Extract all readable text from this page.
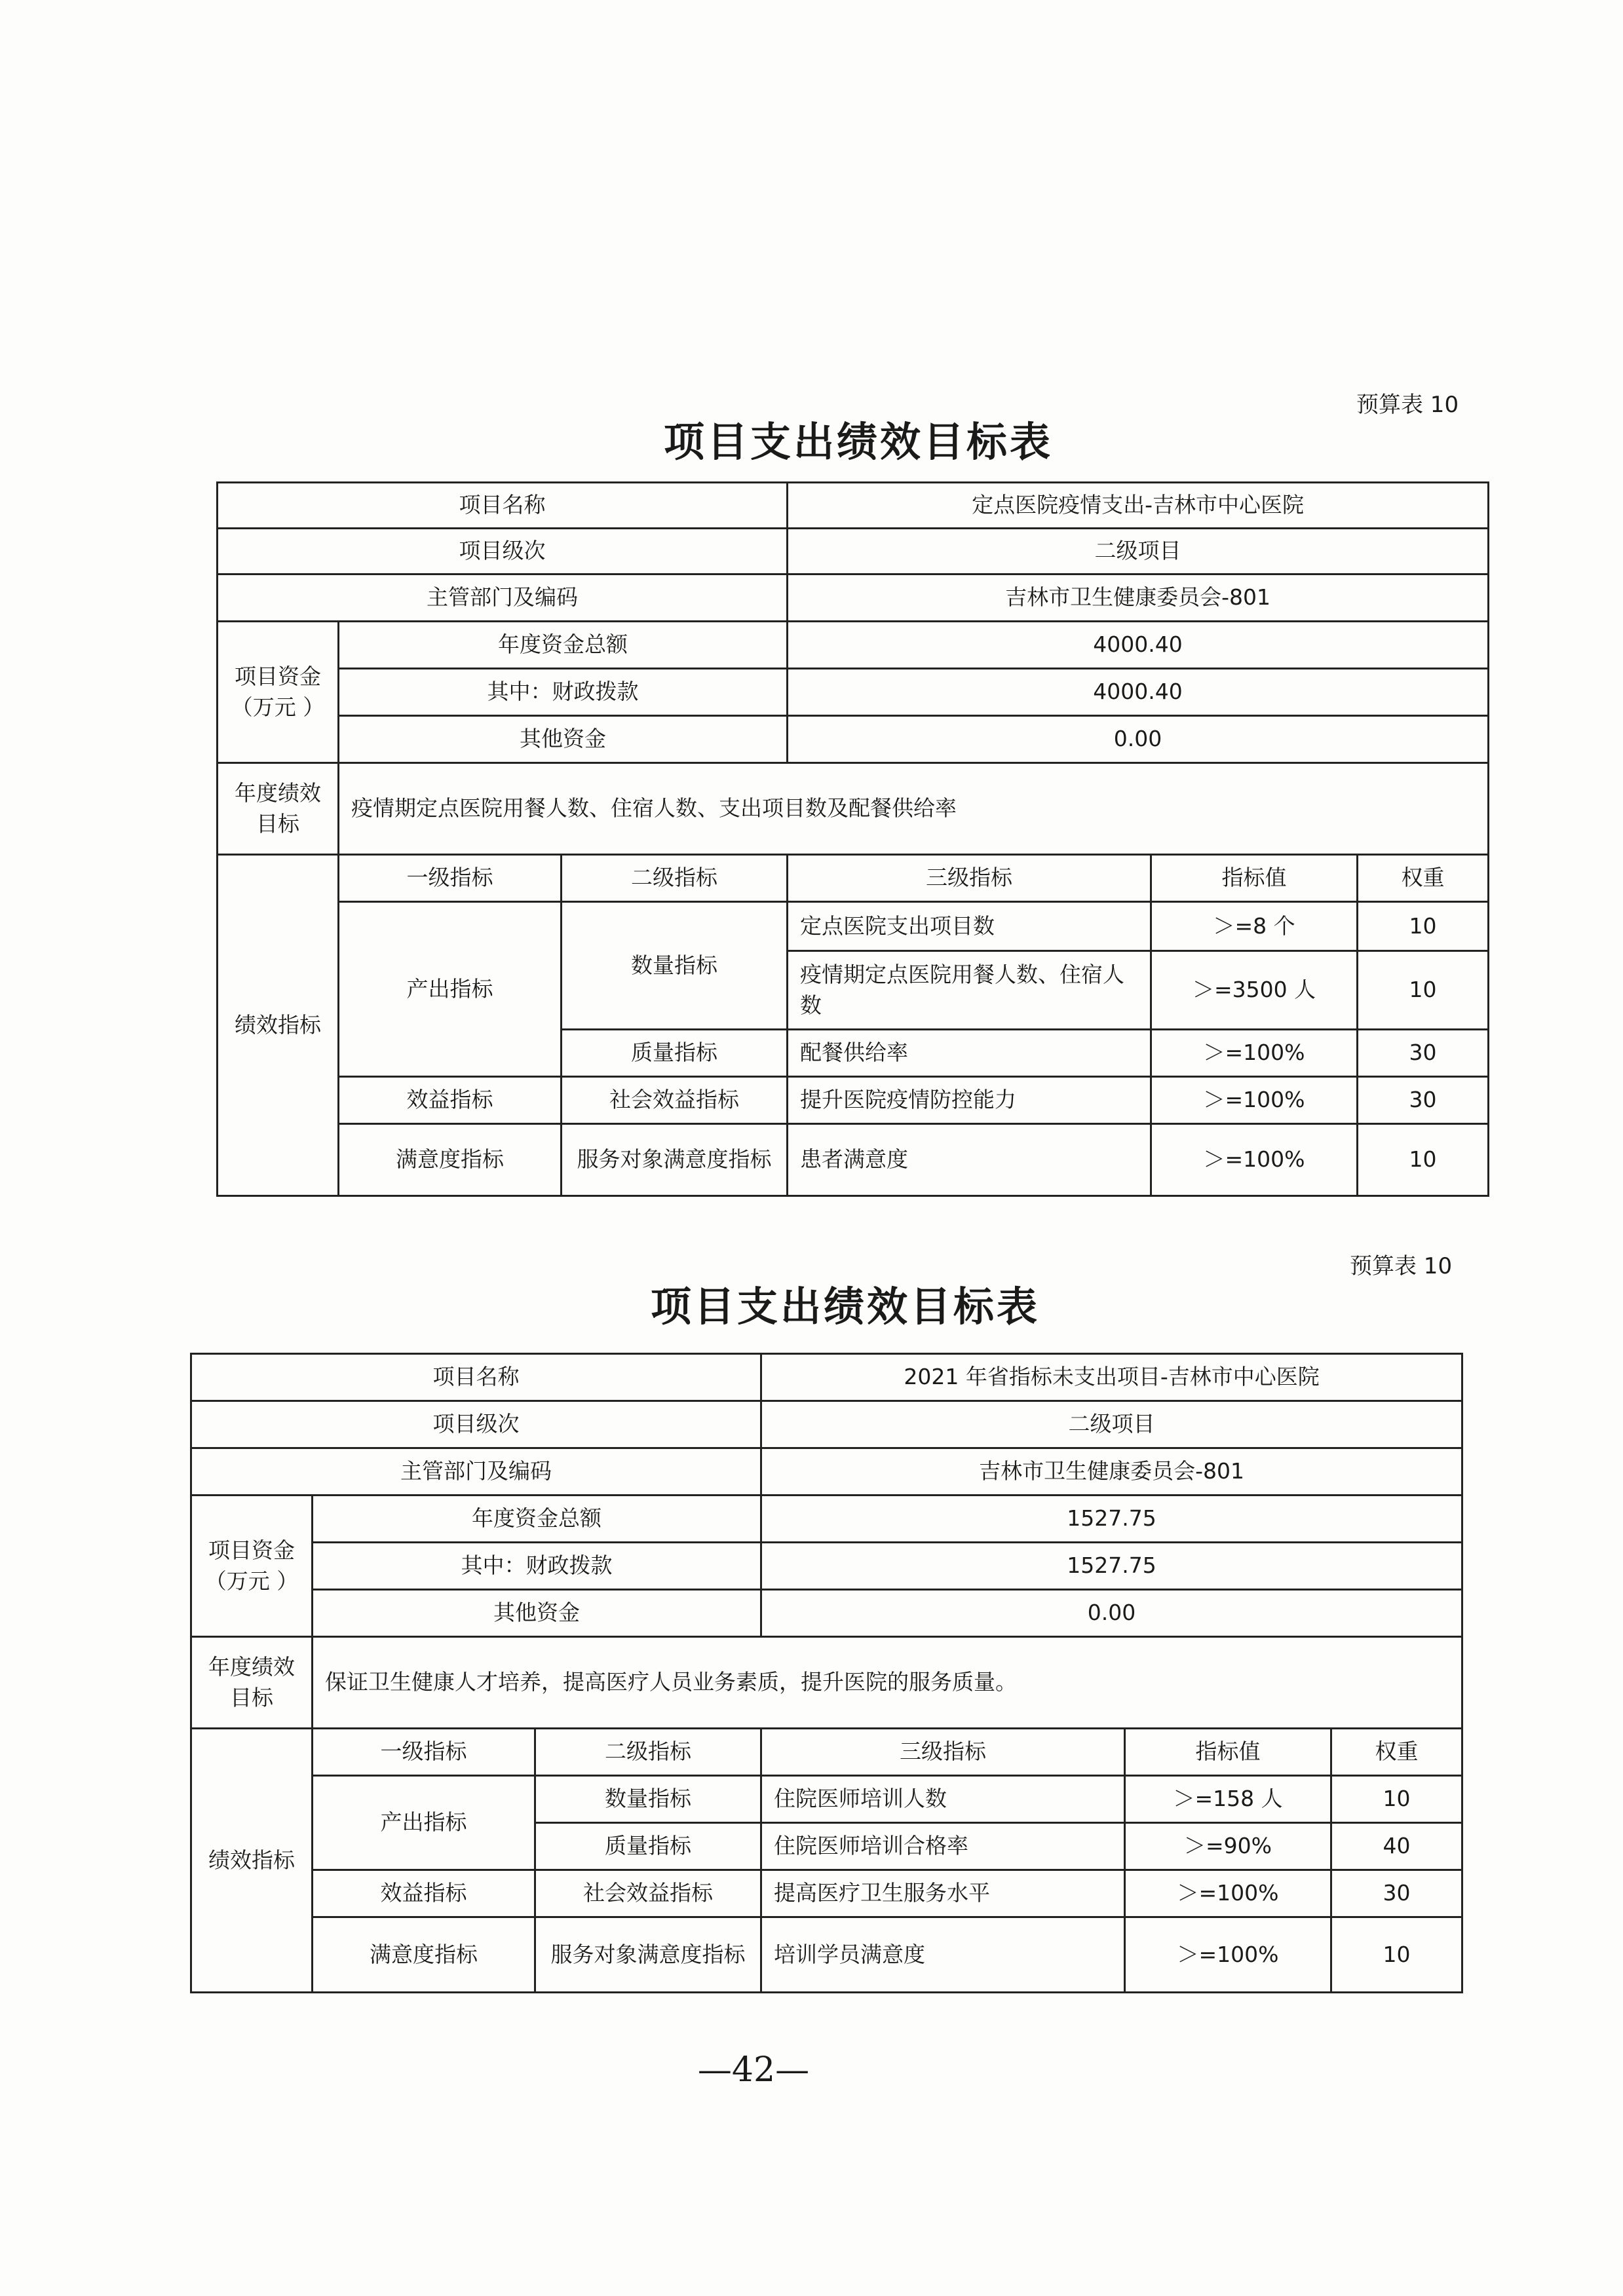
预算表 10
项目支出绩效目标表
项目名称			定点医院疫情支出-吉林市中心医院		
项目级次			二级项目		
主管部门及编码			吉林市卫生健康委员会-801		
项目资金
（万元 ）	年度资金总额		4000.40		
	其中：财政拨款		4000.40		
	其他资金		0.00		
年度绩效
目标	疫情期定点医院用餐人数、住宿人数、支出项目数及配餐供给率				
绩效指标	一级指标	二级指标	三级指标	指标值	权重
	产出指标	数量指标	定点医院支出项目数	＞=8 个	10
			疫情期定点医院用餐人数、住宿人数	＞=3500 人	10
		质量指标	配餐供给率	＞=100%	30
	效益指标	社会效益指标	提升医院疫情防控能力	＞=100%	30
	满意度指标	服务对象满意度指标	患者满意度	＞=100%	10
预算表 10
项目支出绩效目标表
项目名称			2021 年省指标未支出项目-吉林市中心医院		
项目级次			二级项目		
主管部门及编码			吉林市卫生健康委员会-801		
项目资金
（万元 ）	年度资金总额		1527.75		
	其中：财政拨款		1527.75		
	其他资金		0.00		
年度绩效
目标	保证卫生健康人才培养，提高医疗人员业务素质，提升医院的服务质量。				
绩效指标	一级指标	二级指标	三级指标	指标值	权重
	产出指标	数量指标	住院医师培训人数	＞=158 人	10
		质量指标	住院医师培训合格率	＞=90%	40
	效益指标	社会效益指标	提高医疗卫生服务水平	＞=100%	30
	满意度指标	服务对象满意度指标	培训学员满意度	＞=100%	10
—42—
